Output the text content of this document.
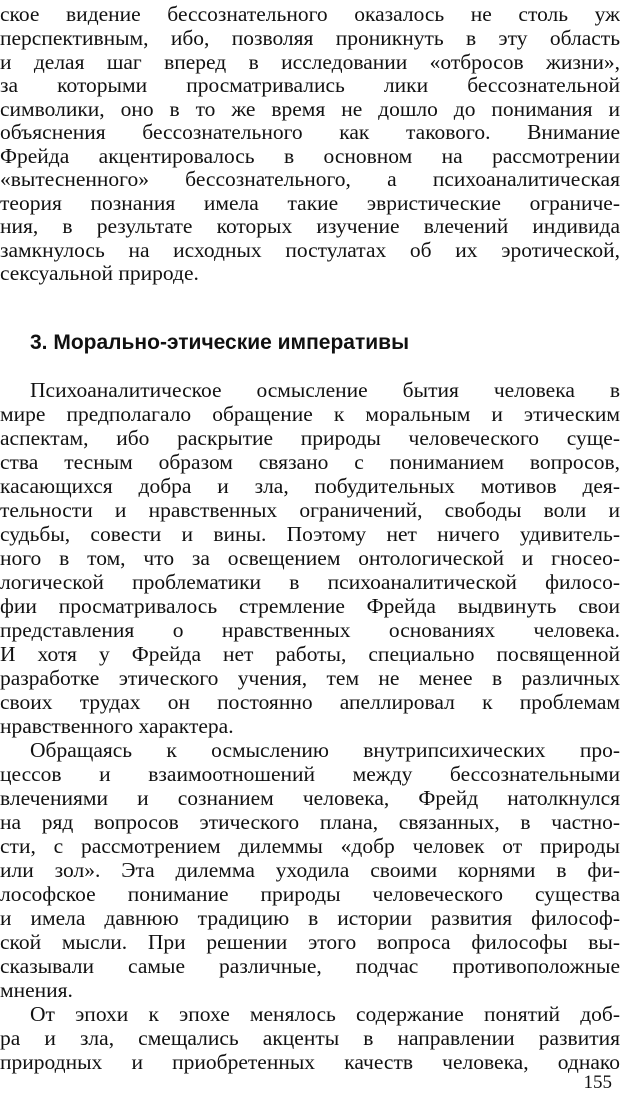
ское видение бессознательного оказалось не столь уж
перспективным, ибо, позволяя проникнуть в эту область
и делая шаг вперед в исследовании «отбросов жизни»,
за которыми просматривались лики бессознательной
символики, оно в то же время не дошло до понимания и
объяснения бессознательного как такового. Внимание
Фрейда акцентировалось в основном на рассмотрении
«вытесненного» бессознательного, а психоаналитическая
теория познания имела такие эвристические ограниче-
ния, в результате которых изучение влечений индивида
замкнулось на исходных постулатах об их эротической,
сексуальной природе.
3. Морально-этические императивы
Психоаналитическое осмысление бытия человека в
мире предполагало обращение к моральным и этическим
аспектам, ибо раскрытие природы человеческого суще-
ства тесным образом связано с пониманием вопросов,
касающихся добра и зла, побудительных мотивов дея-
тельности и нравственных ограничений, свободы воли и
судьбы, совести и вины. Поэтому нет ничего удивитель-
ного в том, что за освещением онтологической и гносео-
логической проблематики в психоаналитической филосо-
фии просматривалось стремление Фрейда выдвинуть свои
представления о нравственных основаниях человека.
И хотя у Фрейда нет работы, специально посвященной
разработке этического учения, тем не менее в различных
своих трудах он постоянно апеллировал к проблемам
нравственного характера.
Обращаясь к осмыслению внутрипсихических про-
цессов и взаимоотношений между бессознательными
влечениями и сознанием человека, Фрейд натолкнулся
на ряд вопросов этического плана, связанных, в частно-
сти, с рассмотрением дилеммы «добр человек от природы
или зол». Эта дилемма уходила своими корнями в фи-
лософское понимание природы человеческого существа
и имела давнюю традицию в истории развития философ-
ской мысли. При решении этого вопроса философы вы-
сказывали самые различные, подчас противоположные
мнения.
От эпохи к эпохе менялось содержание понятий доб-
ра и зла, смещались акценты в направлении развития
природных и приобретенных качеств человека, однако
155
